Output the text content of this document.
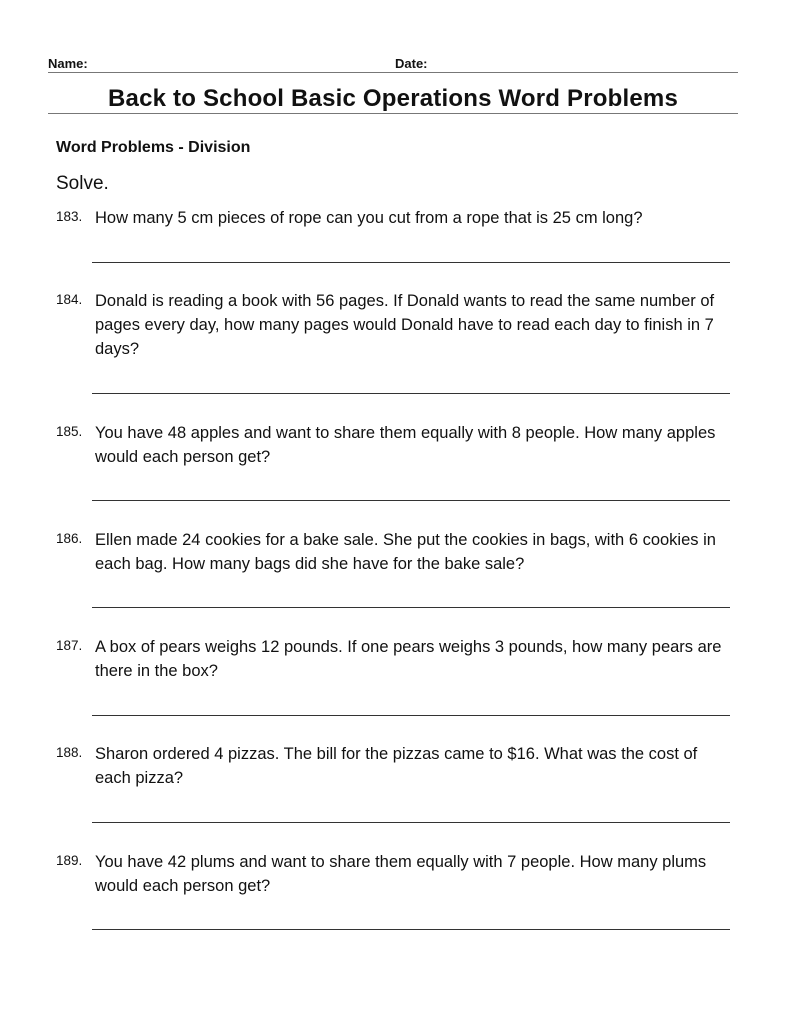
Name:	Date:
Back to School Basic Operations Word Problems
Word Problems - Division
Solve.
183. How many 5 cm pieces of rope can you cut from a rope that is 25 cm long?
184. Donald is reading a book with 56 pages. If Donald wants to read the same number of pages every day, how many pages would Donald have to read each day to finish in 7 days?
185. You have 48 apples and want to share them equally with 8 people. How many apples would each person get?
186. Ellen made 24 cookies for a bake sale. She put the cookies in bags, with 6 cookies in each bag. How many bags did she have for the bake sale?
187. A box of pears weighs 12 pounds. If one pears weighs 3 pounds, how many pears are there in the box?
188. Sharon ordered 4 pizzas. The bill for the pizzas came to $16. What was the cost of each pizza?
189. You have 42 plums and want to share them equally with 7 people. How many plums would each person get?
